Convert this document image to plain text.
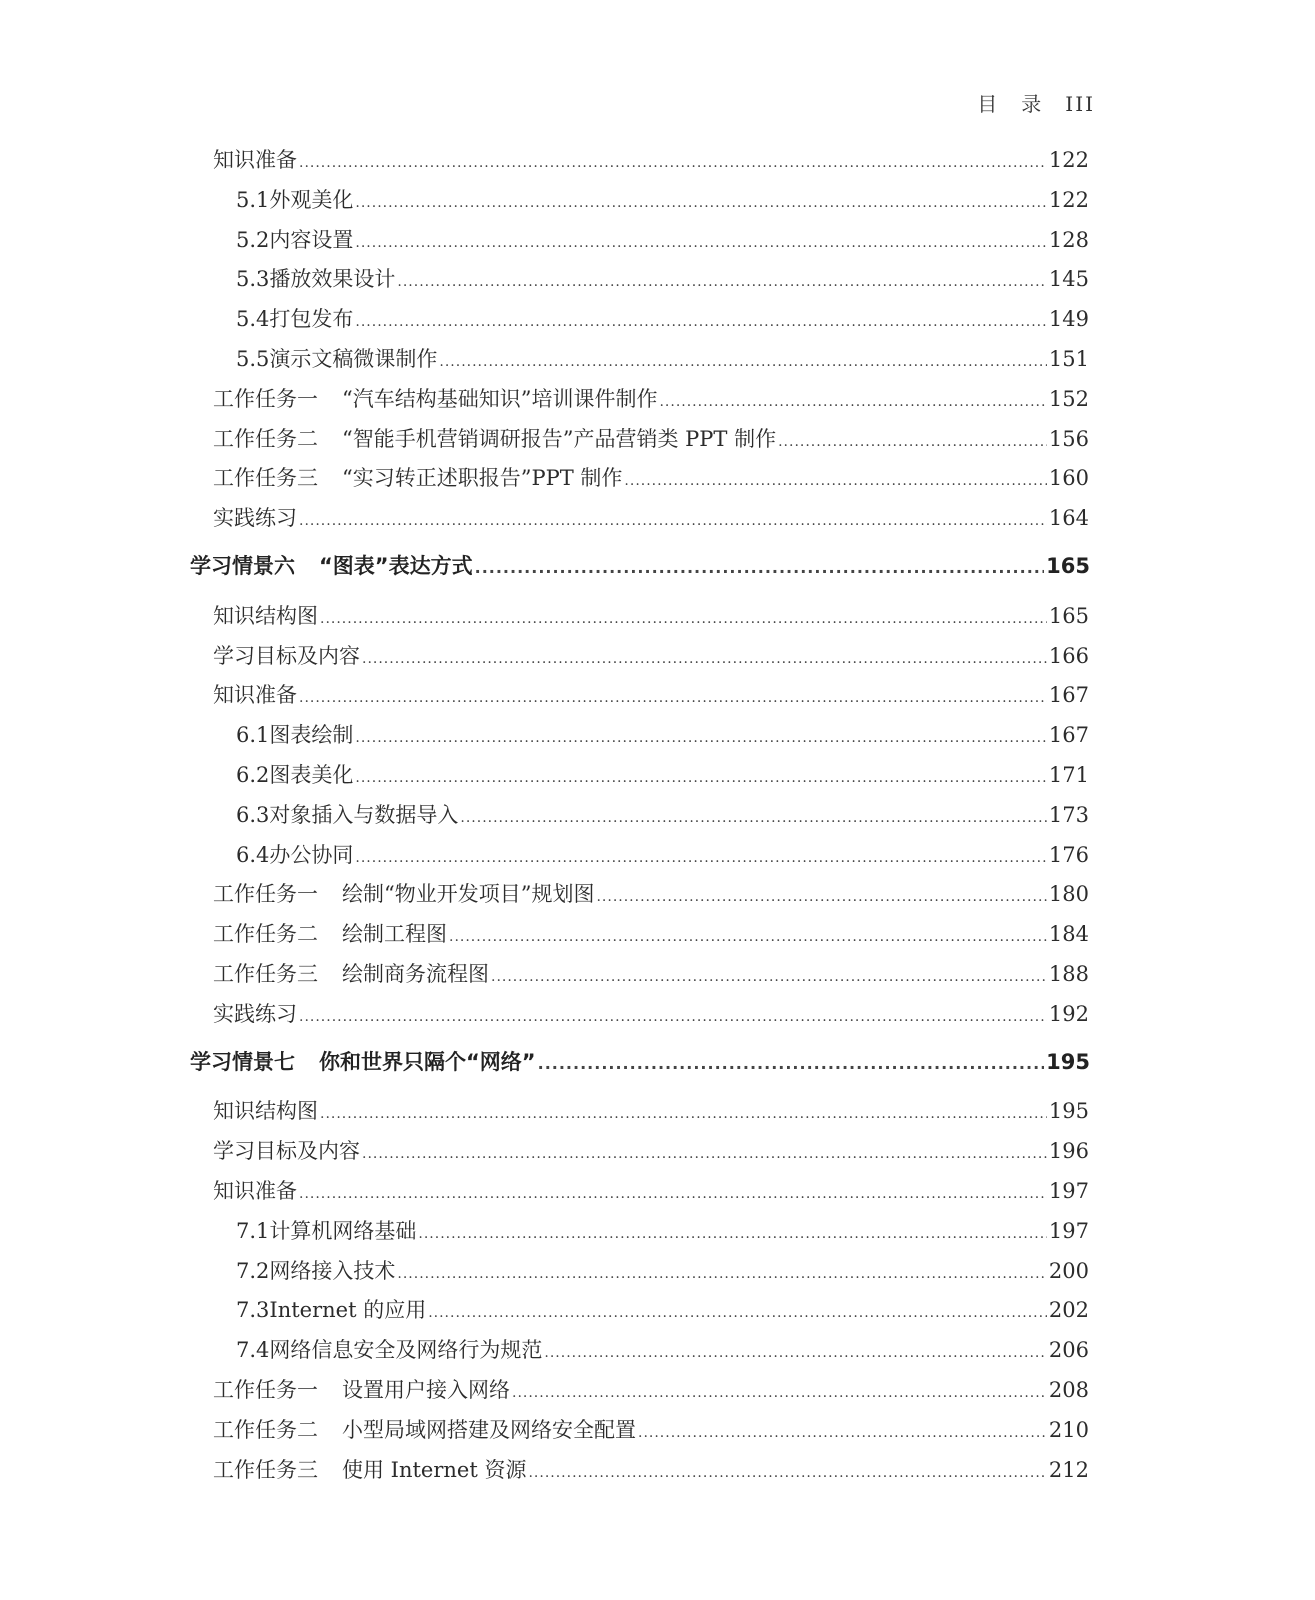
目　录 III
知识准备 .....	122
5.1 外观美化 .....	122
5.2 内容设置 .....	128
5.3 播放效果设计 .....	145
5.4 打包发布 .....	149
5.5 演示文稿微课制作 .....	151
工作任务一 “汽车结构基础知识”培训课件制作 .....	152
工作任务二 “智能手机营销调研报告”产品营销类 PPT 制作 .....	156
工作任务三 “实习转正述职报告”PPT 制作 .....	160
实践练习 .....	164
学习情景六 “图表”表达方式 .....	165
知识结构图 .....	165
学习目标及内容 .....	166
知识准备 .....	167
6.1 图表绘制 .....	167
6.2 图表美化 .....	171
6.3 对象插入与数据导入 .....	173
6.4 办公协同 .....	176
工作任务一 绘制“物业开发项目”规划图 .....	180
工作任务二 绘制工程图 .....	184
工作任务三 绘制商务流程图 .....	188
实践练习 .....	192
学习情景七 你和世界只隔个“网络” .....	195
知识结构图 .....	195
学习目标及内容 .....	196
知识准备 .....	197
7.1 计算机网络基础 .....	197
7.2 网络接入技术 .....	200
7.3 Internet 的应用 .....	202
7.4 网络信息安全及网络行为规范 .....	206
工作任务一 设置用户接入网络 .....	208
工作任务二 小型局域网搭建及网络安全配置 .....	210
工作任务三 使用 Internet 资源 .....	212
